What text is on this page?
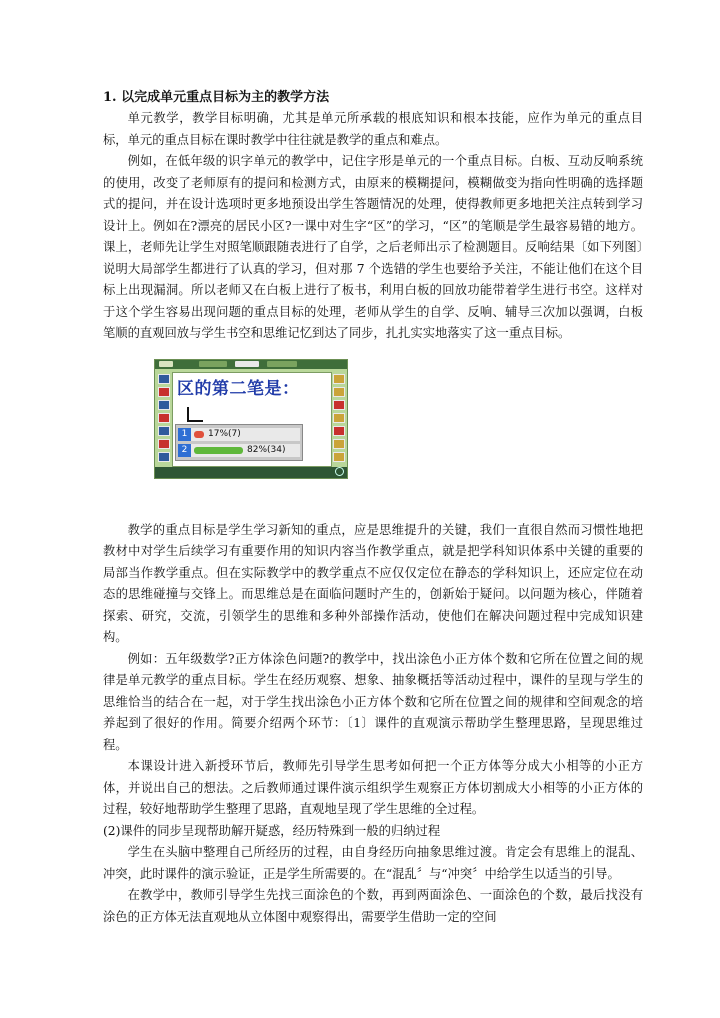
1. 以完成单元重点目标为主的教学方法

单元教学，教学目标明确，尤其是单元所承载的根底知识和根本技能，应作为单元的重点目标，单元的重点目标在课时教学中往往就是教学的重点和难点。

例如，在低年级的识字单元的教学中，记住字形是单元的一个重点目标。白板、互动反响系统的使用，改变了老师原有的提问和检测方式，由原来的模糊提问，模糊做变为指向性明确的选择题式的提问，并在设计选项时更多地预设出学生答题情况的处理，使得教师更多地把关注点转到学习设计上。例如在?漂亮的居民小区?一课中对生字“区”的学习，“区”的笔顺是学生最容易错的地方。课上，老师先让学生对照笔顺跟随表进行了自学，之后老师出示了检测题目。反响结果〔如下列图〕说明大局部学生都进行了认真的学习，但对那 7 个选错的学生也要给予关注，不能让他们在这个目标上出现漏洞。所以老师又在白板上进行了板书，利用白板的回放功能带着学生进行书空。这样对于这个学生容易出现问题的重点目标的处理，老师从学生的自学、反响、辅导三次加以强调，白板笔顺的直观回放与学生书空和思维记忆到达了同步，扎扎实实地落实了这一重点目标。

区的第二笔是：
1	17%(7)
2	82%(34)

教学的重点目标是学生学习新知的重点，应是思维提升的关键，我们一直很自然而习惯性地把教材中对学生后续学习有重要作用的知识内容当作教学重点，就是把学科知识体系中关键的重要的局部当作教学重点。但在实际教学中的教学重点不应仅仅定位在静态的学科知识上，还应定位在动态的思维碰撞与交锋上。而思维总是在面临问题时产生的，创新始于疑问。以问题为核心，伴随着探索、研究，交流，引领学生的思维和多种外部操作活动，使他们在解决问题过程中完成知识建构。

例如：五年级数学?正方体涂色问题?的教学中，找出涂色小正方体个数和它所在位置之间的规律是单元教学的重点目标。学生在经历观察、想象、抽象概括等活动过程中，课件的呈现与学生的思维恰当的结合在一起，对于学生找出涂色小正方体个数和它所在位置之间的规律和空间观念的培养起到了很好的作用。简要介绍两个环节：〔1〕课件的直观演示帮助学生整理思路，呈现思维过程。

本课设计进入新授环节后，教师先引导学生思考如何把一个正方体等分成大小相等的小正方体，并说出自己的想法。之后教师通过课件演示组织学生观察正方体切割成大小相等的小正方体的过程，较好地帮助学生整理了思路，直观地呈现了学生思维的全过程。

(2)课件的同步呈现帮助解开疑惑，经历特殊到一般的归纳过程

学生在头脑中整理自己所经历的过程，由自身经历向抽象思维过渡。肯定会有思维上的混乱、冲突，此时课件的演示验证，正是学生所需要的。在“混乱〞与“冲突〞中给学生以适当的引导。

在教学中，教师引导学生先找三面涂色的个数，再到两面涂色、一面涂色的个数，最后找没有涂色的正方体无法直观地从立体图中观察得出，需要学生借助一定的空间
